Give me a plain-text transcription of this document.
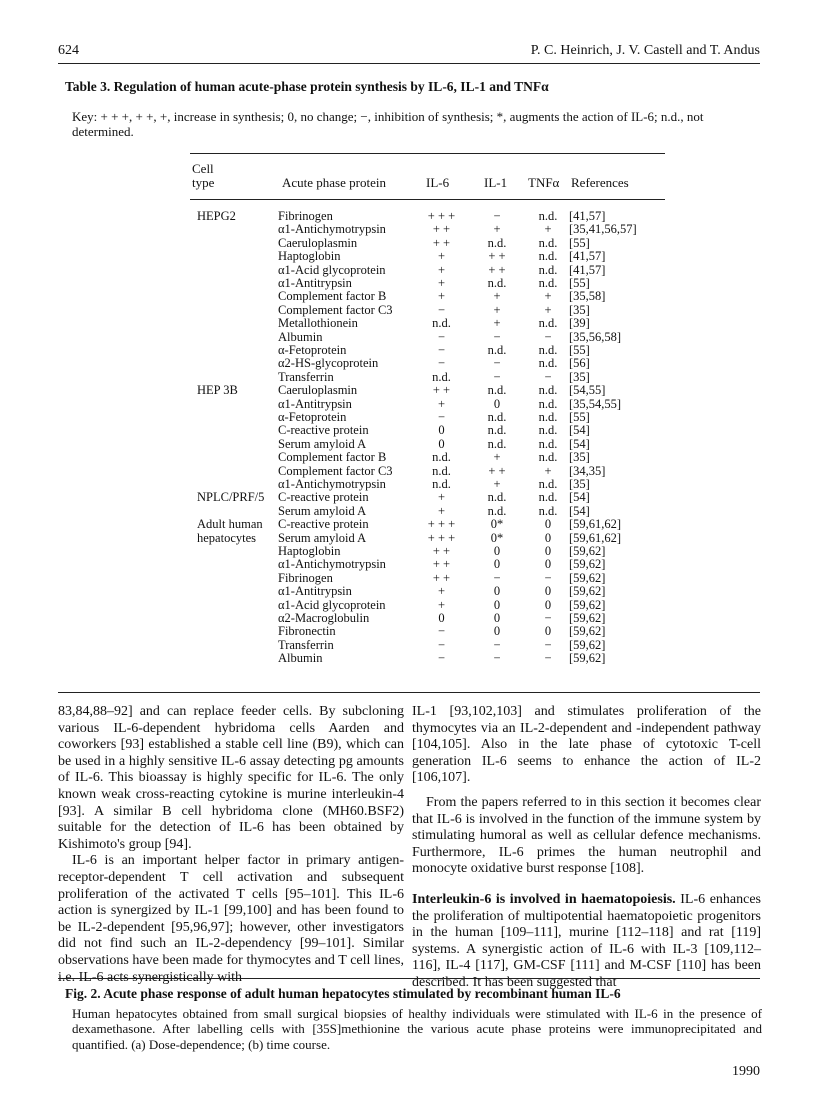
624	P. C. Heinrich, J. V. Castell and T. Andus
Table 3. Regulation of human acute-phase protein synthesis by IL-6, IL-1 and TNFα
Key: + + +, + +, +, increase in synthesis; 0, no change; −, inhibition of synthesis; *, augments the action of IL-6; n.d., not determined.
Cell
type	Acute phase protein	IL-6	IL-1 TNFα References
HEPG2	Fibrinogen	+ + +	−	n.d. [41,57]
α1-Antichymotrypsin	+ +	+	+	[35,41,56,57]
Caeruloplasmin	+ +	n.d.	n.d. [55]
Haptoglobin	+	+ +	n.d. [41,57]
α1-Acid glycoprotein	+	+ +	n.d. [41,57]
α1-Antitrypsin	+	n.d.	n.d. [55]
Complement factor B	+	+	+	[35,58]
Complement factor C3	−	+	+	[35]
Metallothionein	n.d.	+	n.d. [39]
Albumin	−	−	−	[35,56,58]
α-Fetoprotein	−	n.d.	n.d. [55]
α2-HS-glycoprotein	−	−	n.d. [56]
Transferrin	n.d.	−	−	[35]
HEP 3B	Caeruloplasmin	+ +	n.d.	n.d. [54,55]
α1-Antitrypsin	+	0	n.d. [35,54,55]
α-Fetoprotein	−	n.d.	n.d. [55]
C-reactive protein	0	n.d.	n.d. [54]
Serum amyloid A	0	n.d.	n.d. [54]
Complement factor B	n.d.	+	n.d. [35]
Complement factor C3	n.d.	+ +	+	[34,35]
α1-Antichymotrypsin	n.d.	+	n.d. [35]
NPLC/PRF/5 C-reactive protein	+	n.d.	n.d. [54]
Serum amyloid A	+	n.d.	n.d. [54]
Adult human C-reactive protein	+ + +	0*	0	[59,61,62]
hepatocytes Serum amyloid A	+ + +	0*	0	[59,61,62]
Haptoglobin	+ +	0	0	[59,62]
α1-Antichymotrypsin	+ +	0	0	[59,62]
Fibrinogen	+ +	−	−	[59,62]
α1-Antitrypsin	+	0	0	[59,62]
α1-Acid glycoprotein	+	0	0	[59,62]
α2-Macroglobulin	0	0	−	[59,62]
Fibronectin	−	0	0	[59,62]
Transferrin	−	−	−	[59,62]
Albumin	−	−	−	[59,62]

83,84,88–92] and can replace feeder cells. By subcloning various IL-6-dependent hybridoma cells Aarden and coworkers [93] established a stable cell line (B9), which can be used in a highly sensitive IL-6 assay detecting pg amounts of IL-6. This bioassay is highly specific for IL-6. The only known weak cross-reacting cytokine is murine interleukin-4 [93]. A similar B cell hybridoma clone (MH60.BSF2) suitable for the detection of IL-6 has been obtained by Kishimoto's group [94].

IL-6 is an important helper factor in primary antigen-receptor-dependent T cell activation and subsequent proliferation of the activated T cells [95–101]. This IL-6 action is synergized by IL-1 [99,100] and has been found to be IL-2-dependent [95,96,97]; however, other investigators did not find such an IL-2-dependency [99–101]. Similar observations have been made for thymocytes and T cell lines, i.e. IL-6 acts synergistically with

IL-1 [93,102,103] and stimulates proliferation of the thymocytes via an IL-2-dependent and -independent pathway [104,105]. Also in the late phase of cytotoxic T-cell generation IL-6 seems to enhance the action of IL-2 [106,107].

From the papers referred to in this section it becomes clear that IL-6 is involved in the function of the immune system by stimulating humoral as well as cellular defence mechanisms. Furthermore, IL-6 primes the human neutrophil and monocyte oxidative burst response [108].

Interleukin-6 is involved in haematopoiesis. IL-6 enhances the proliferation of multipotential haematopoietic progenitors in the human [109–111], murine [112–118] and rat [119] systems. A synergistic action of IL-6 with IL-3 [109,112–116], IL-4 [117], GM-CSF [111] and M-CSF [110] has been described. It has been suggested that

Fig. 2. Acute phase response of adult human hepatocytes stimulated by recombinant human IL-6
Human hepatocytes obtained from small surgical biopsies of healthy individuals were stimulated with IL-6 in the presence of dexamethasone. After labelling cells with [35S]methionine the various acute phase proteins were immunoprecipitated and quantified. (a) Dose-dependence; (b) time course.
1990
